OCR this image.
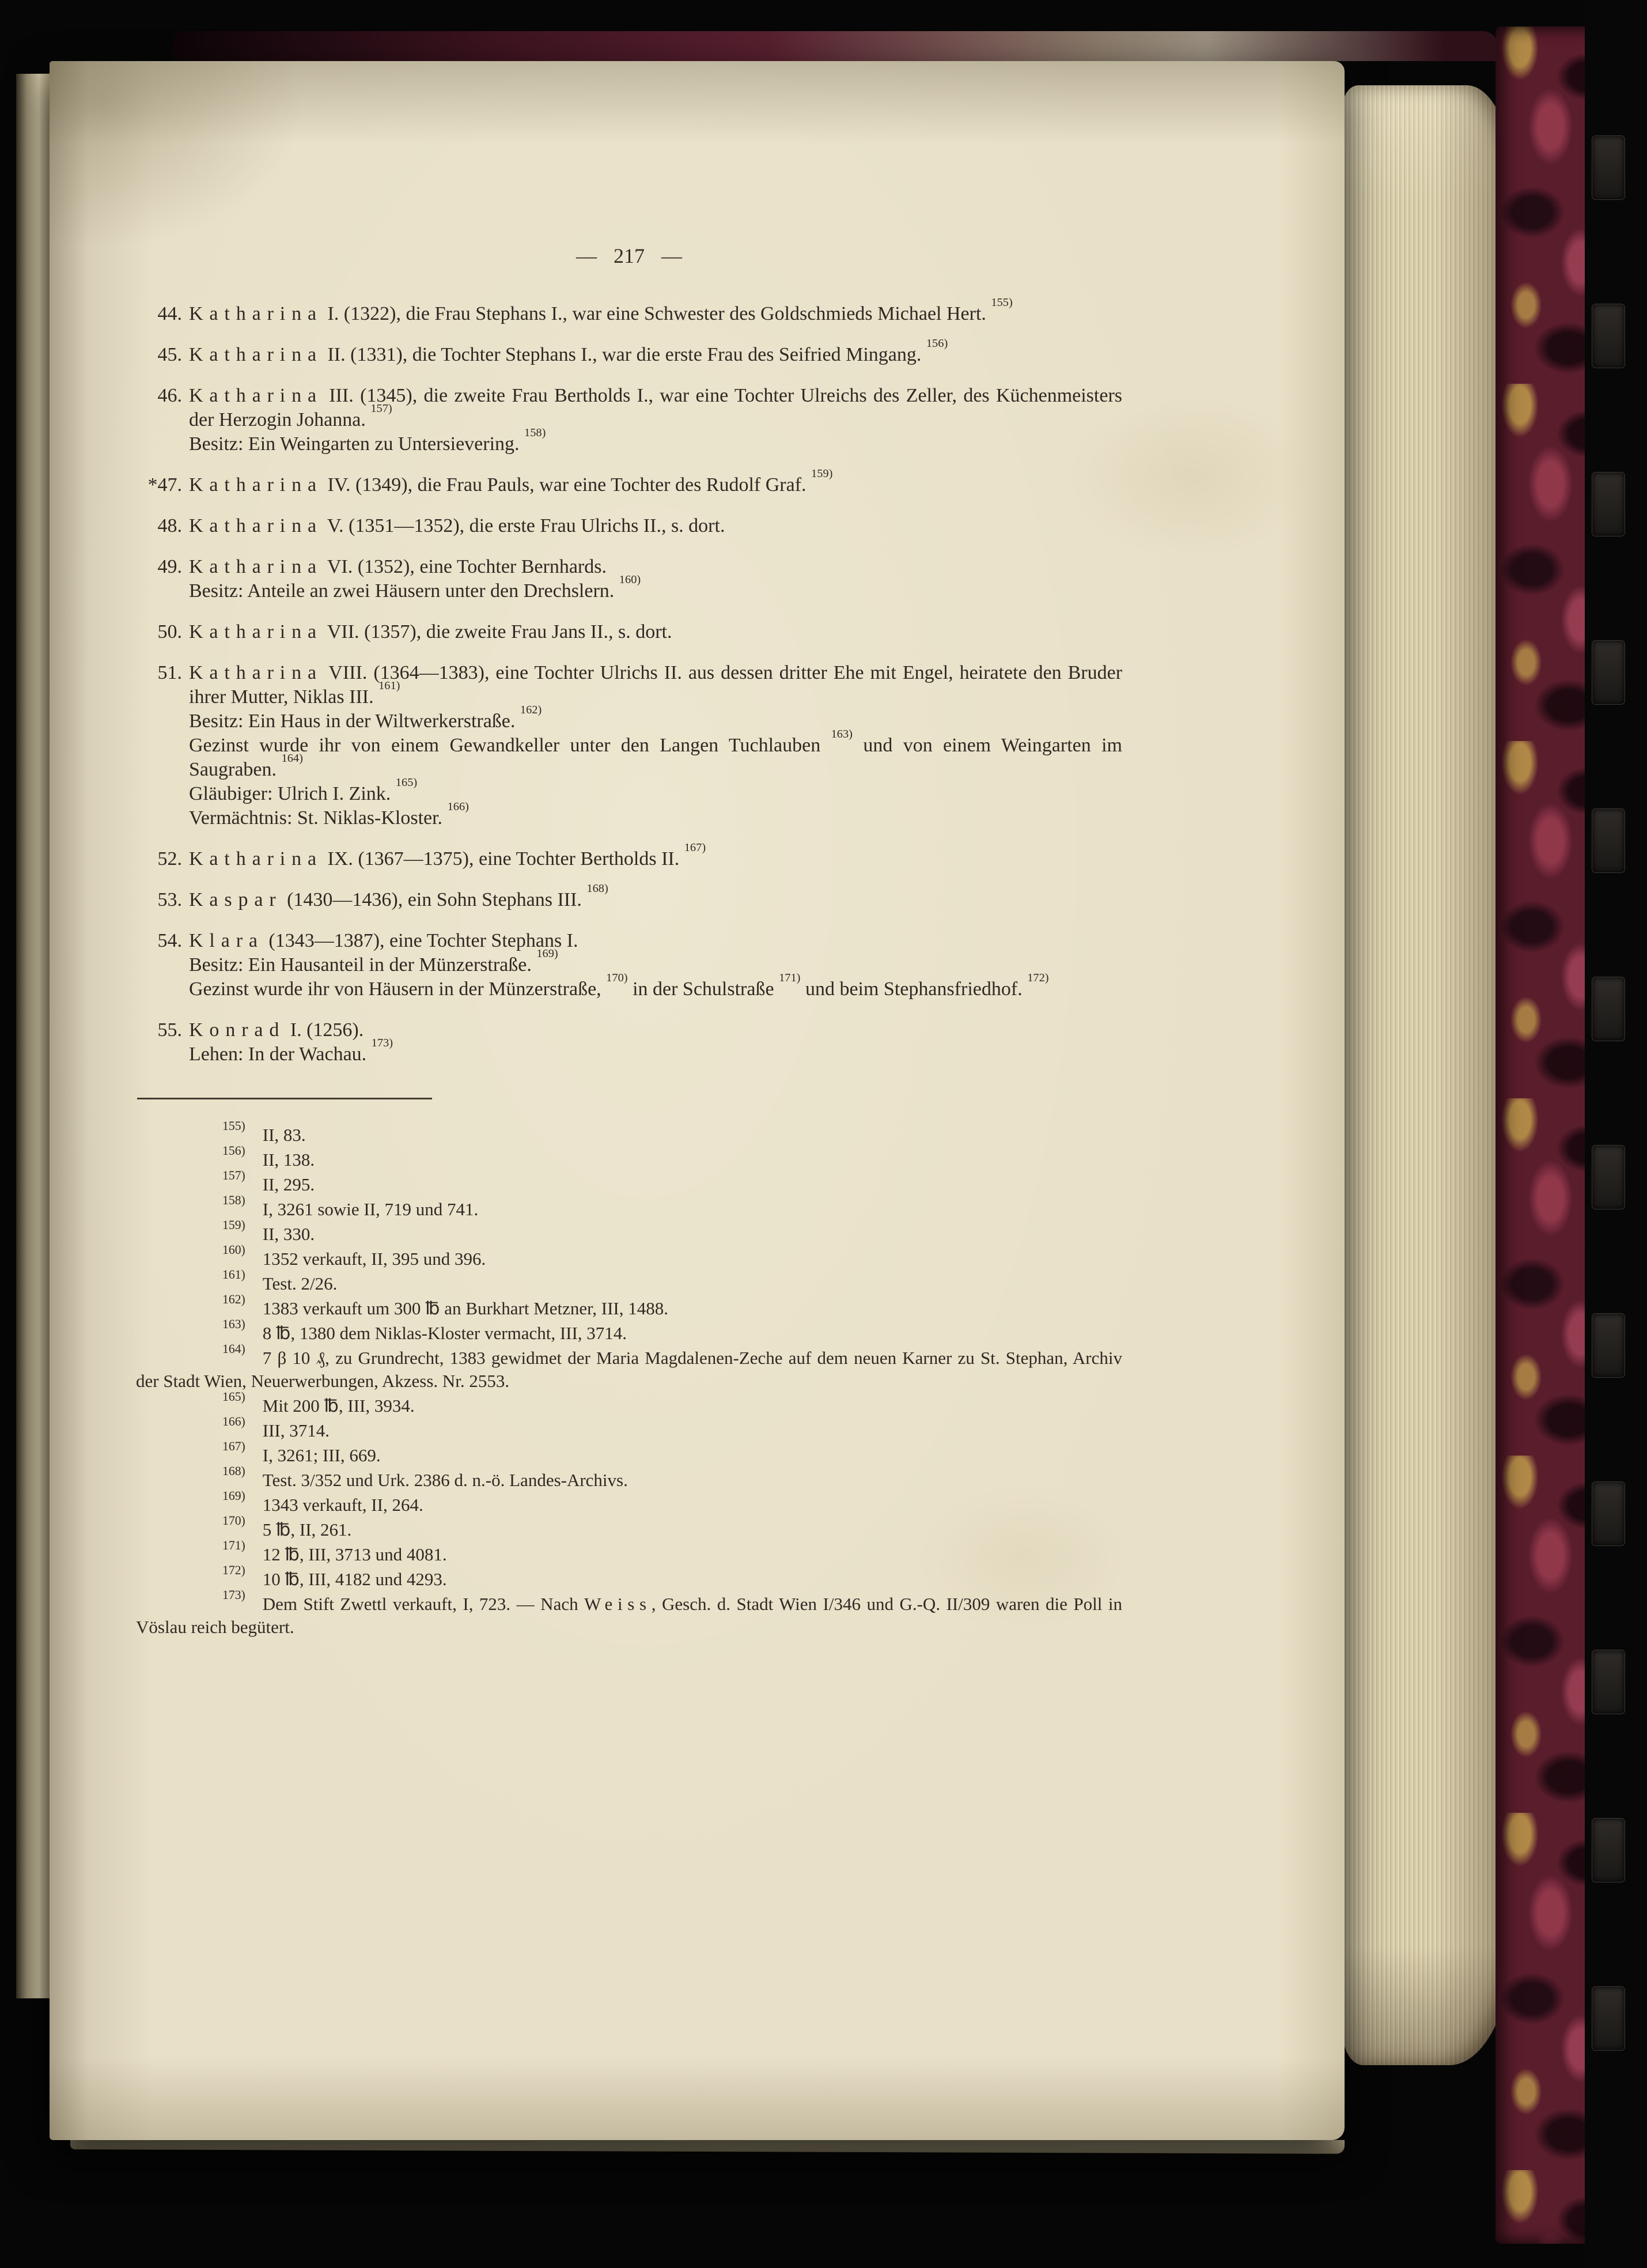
— 217 —
44. Katharina I. (1322), die Frau Stephans I., war eine Schwester des Goldschmieds Michael Hert. $^{155)}$

45. Katharina II. (1331), die Tochter Stephans I., war die erste Frau des Seifried Mingang. $^{156)}$

46. Katharina III. (1345), die zweite Frau Bertholds I., war eine Tochter Ulreichs des Zeller, des Küchenmeisters der Herzogin Johanna. $^{157)}$

Besitz: Ein Weingarten zu Untersievering. $^{158)}$

*47. Katharina IV. (1349), die Frau Pauls, war eine Tochter des Rudolf Graf. $^{159)}$

48. Katharina V. (1351—1352), die erste Frau Ulrichs II., s. dort.

49. Katharina VI. (1352), eine Tochter Bernhards.

Besitz: Anteile an zwei Häusern unter den Drechslern. $^{160)}$

50. Katharina VII. (1357), die zweite Frau Jans II., s. dort.

51. Katharina VIII. (1364—1383), eine Tochter Ulrichs II. aus dessen dritter Ehe mit Engel, heiratete den Bruder ihrer Mutter, Niklas III. $^{161)}$

Besitz: Ein Haus in der Wiltwerkerstraße. $^{162)}$

Gezinst wurde ihr von einem Gewandkeller unter den Langen Tuchlauben $^{163)}$ und von einem Weingarten im Saugraben. $^{164)}$

Gläubiger: Ulrich I. Zink. $^{165)}$

Vermächtnis: St. Niklas-Kloster. $^{166)}$

52. Katharina IX. (1367—1375), eine Tochter Bertholds II. $^{167)}$

53. Kaspar (1430—1436), ein Sohn Stephans III. $^{168)}$

54. Klara (1343—1387), eine Tochter Stephans I.

Besitz: Ein Hausanteil in der Münzerstraße. $^{169)}$

Gezinst wurde ihr von Häusern in der Münzerstraße, $^{170)}$ in der Schulstraße $^{171)}$ und beim Stephansfriedhof. $^{172)}$

55. Konrad I. (1256).

Lehen: In der Wachau. $^{173)}$

$^{155)}$ II, 83.

$^{156)}$ II, 138.

$^{157)}$ II, 295.

$^{158)}$ I, 3261 sowie II, 719 und 741.

$^{159)}$ II, 330.

$^{160)}$ 1352 verkauft, II, 395 und 396.

$^{161)}$ Test. 2/26.

$^{162)}$ 1383 verkauft um 300 ℔ an Burkhart Metzner, III, 1488.

$^{163)}$ 8 ℔, 1380 dem Niklas-Kloster vermacht, III, 3714.

$^{164)}$ 7 β 10 ₰, zu Grundrecht, 1383 gewidmet der Maria Magdalenen-Zeche auf dem neuen Karner zu St. Stephan, Archiv der Stadt Wien, Neuerwerbungen, Akzess. Nr. 2553.

$^{165)}$ Mit 200 ℔, III, 3934.

$^{166)}$ III, 3714.

$^{167)}$ I, 3261; III, 669.

$^{168)}$ Test. 3/352 und Urk. 2386 d. n.-ö. Landes-Archivs.

$^{169)}$ 1343 verkauft, II, 264.

$^{170)}$ 5 ℔, II, 261.

$^{171)}$ 12 ℔, III, 3713 und 4081.

$^{172)}$ 10 ℔, III, 4182 und 4293.

$^{173)}$ Dem Stift Zwettl verkauft, I, 723. — Nach Weiss, Gesch. d. Stadt Wien I/346 und G.-Q. II/309 waren die Poll in Vöslau reich begütert.
